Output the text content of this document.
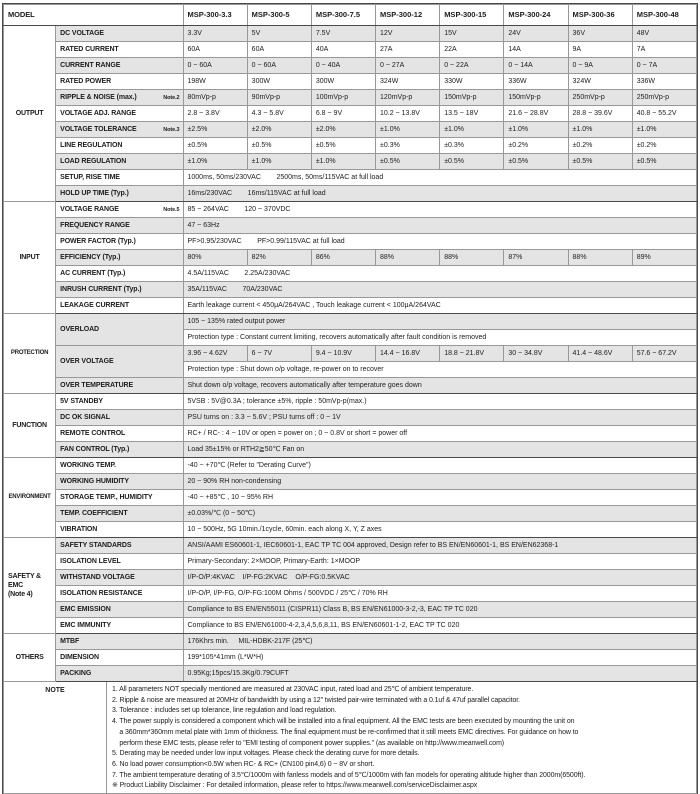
MODEL		MSP-300-3.3	MSP-300-5	MSP-300-7.5	MSP-300-12	MSP-300-15	MSP-300-24	MSP-300-36	MSP-300-48

OUTPUT	DC VOLTAGE	3.3V	5V	7.5V	12V	15V	24V	36V	48V
	RATED CURRENT	60A	60A	40A	27A	22A	14A	9A	7A
	CURRENT RANGE	0 ~ 60A	0 ~ 60A	0 ~ 40A	0 ~ 27A	0 ~ 22A	0 ~ 14A	0 ~ 9A	0 ~ 7A
	RATED POWER	198W	300W	300W	324W	330W	336W	324W	336W
	RIPPLE & NOISE (max.) Note.2	80mVp-p	90mVp-p	100mVp-p	120mVp-p	150mVp-p	150mVp-p	250mVp-p	250mVp-p
	VOLTAGE ADJ. RANGE	2.8 ~ 3.8V	4.3 ~ 5.8V	6.8 ~ 9V	10.2 ~ 13.8V	13.5 ~ 18V	21.6 ~ 28.8V	28.8 ~ 39.6V	40.8 ~ 55.2V
	VOLTAGE TOLERANCE Note.3	±2.5%	±2.0%	±2.0%	±1.0%	±1.0%	±1.0%	±1.0%	±1.0%
	LINE REGULATION	±0.5%	±0.5%	±0.5%	±0.3%	±0.3%	±0.2%	±0.2%	±0.2%
	LOAD REGULATION	±1.0%	±1.0%	±1.0%	±0.5%	±0.5%	±0.5%	±0.5%	±0.5%
	SETUP, RISE TIME	1000ms, 50ms/230VAC        2500ms, 50ms/115VAC at full load							
	HOLD UP TIME (Typ.)	16ms/230VAC        16ms/115VAC at full load							

INPUT	VOLTAGE RANGE Note.5	85 ~ 264VAC        120 ~ 370VDC							
	FREQUENCY RANGE	47 ~ 63Hz							
	POWER FACTOR (Typ.)	PF>0.95/230VAC        PF>0.99/115VAC at full load							
	EFFICIENCY (Typ.)	80%	82%	86%	88%	88%	87%	88%	89%
	AC CURRENT (Typ.)	4.5A/115VAC        2.25A/230VAC							
	INRUSH CURRENT (Typ.)	35A/115VAC        70A/230VAC							
	LEAKAGE CURRENT	Earth leakage current < 450μA/264VAC , Touch leakage current < 100μA/264VAC							

PROTECTION	OVERLOAD	105 ~ 135% rated output power							
		Protection type : Constant current limiting, recovers automatically after fault condition is removed							
	OVER VOLTAGE	3.96 ~ 4.62V	6 ~ 7V	9.4 ~ 10.9V	14.4 ~ 16.8V	18.8 ~ 21.8V	30 ~ 34.8V	41.4 ~ 48.6V	57.6 ~ 67.2V
		Protection type : Shut down o/p voltage, re-power on to recover							
	OVER TEMPERATURE	Shut down o/p voltage, recovers automatically after temperature goes down							

FUNCTION	5V STANDBY	5VSB : 5V@0.3A ; tolerance ±5%, ripple : 50mVp-p(max.)							
	DC OK SIGNAL	PSU turns on : 3.3 ~ 5.6V ; PSU turns off : 0 ~ 1V							
	REMOTE CONTROL	RC+ / RC- : 4 ~ 10V or open = power on ; 0 ~ 0.8V or short = power off							
	FAN CONTROL (Typ.)	Load 35±15% or RTH2≧50℃ Fan on							

ENVIRONMENT	WORKING TEMP.	-40 ~ +70℃ (Refer to "Derating Curve")							
	WORKING HUMIDITY	20 ~ 90% RH non-condensing							
	STORAGE TEMP., HUMIDITY	-40 ~ +85℃ , 10 ~ 95% RH							
	TEMP. COEFFICIENT	±0.03%/℃ (0 ~ 50℃)							
	VIBRATION	10 ~ 500Hz, 5G 10min./1cycle, 60min. each along X, Y, Z axes							

SAFETY &
EMC
(Note 4)	SAFETY STANDARDS	ANSI/AAMI ES60601-1, IEC60601-1, EAC TP TC 004 approved, Design refer to BS EN/EN60601-1, BS EN/EN62368-1							
	ISOLATION LEVEL	Primary-Secondary: 2×MOOP, Primary-Earth: 1×MOOP							
	WITHSTAND VOLTAGE	I/P-O/P:4KVAC    I/P-FG:2KVAC    O/P-FG:0.5KVAC							
	ISOLATION RESISTANCE	I/P-O/P, I/P-FG, O/P-FG:100M Ohms / 500VDC / 25℃ / 70% RH							
	EMC EMISSION	Compliance to BS EN/EN55011 (CISPR11) Class B, BS EN/EN61000-3-2,-3, EAC TP TC 020							
	EMC IMMUNITY	Compliance to BS EN/EN61000-4-2,3,4,5,6,8,11, BS EN/EN60601-1-2, EAC TP TC 020							

OTHERS	MTBF	176Khrs min.     MIL-HDBK-217F (25℃)							
	DIMENSION	199*105*41mm (L*W*H)							
	PACKING	0.95Kg;15pcs/15.3Kg/0.79CUFT							

NOTE	1. All parameters NOT specially mentioned are measured at 230VAC input, rated load and 25℃ of ambient temperature.
2. Ripple & noise are measured at 20MHz of bandwidth by using a 12" twisted pair-wire terminated with a 0.1uf & 47uf parallel capacitor.
3. Tolerance : includes set up tolerance, line regulation and load regulation.
4. The power supply is considered a component which will be installed into a final equipment. All the EMC tests are been executed by mounting the unit on
a 360mm*360mm metal plate with 1mm of thickness. The final equipment must be re-confirmed that it still meets EMC directives. For guidance on how to
perform these EMC tests, please refer to "EMI testing of component power supplies." (as available on http://www.meanwell.com)
5. Derating may be needed under low input voltages. Please check the derating curve for more details.
6. No load power consumption<0.5W when RC- & RC+ (CN100 pin4,6) 0 ~ 8V or short.
7. The ambient temperature derating of 3.5℃/1000m with fanless models and of 5℃/1000m with fan models for operating altitude higher than 2000m(6500ft).
※ Product Liability Disclaimer : For detailed information, please refer to https://www.meanwell.com/serviceDisclaimer.aspx
